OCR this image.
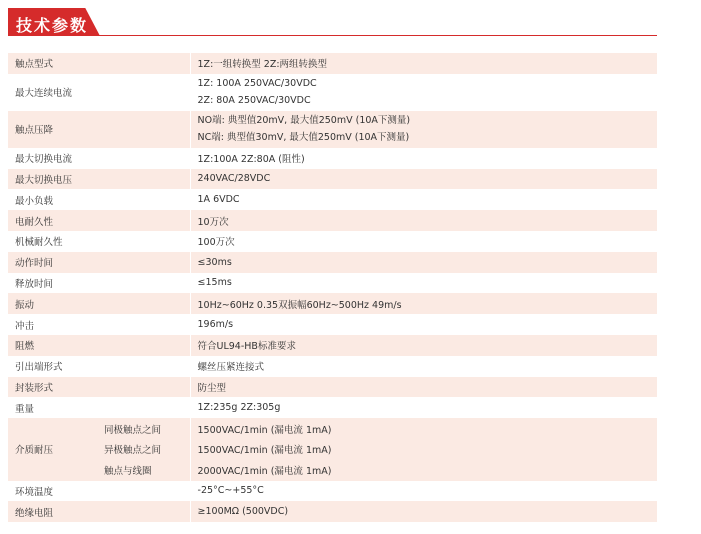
技术参数
触点型式		1Z:一组转换型 2Z:两组转换型
最大连续电流		1Z: 100A 250VAC/30VDC
2Z: 80A 250VAC/30VDC

触点压降		NO端: 典型值20mV, 最大值250mV (10A下测量)
NC端: 典型值30mV, 最大值250mV (10A下测量)

最大切换电流		1Z:100A 2Z:80A (阻性)
最大切换电压		240VAC/28VDC
最小负载		1A 6VDC
电耐久性		10万次
机械耐久性		100万次
动作时间		≤30ms
释放时间		≤15ms
振动		10Hz~60Hz 0.35双振幅60Hz~500Hz 49m/s
冲击		196m/s
阻燃		符合UL94-HB标准要求
引出端形式		螺丝压紧连接式
封装形式		防尘型
重量		1Z:235g 2Z:305g
介质耐压	同极触点之间	1500VAC/1min (漏电流 1mA)
	异极触点之间	1500VAC/1min (漏电流 1mA)
	触点与线圈	2000VAC/1min (漏电流 1mA)
环境温度		-25°C~+55°C
绝缘电阻		≥100MΩ (500VDC)
